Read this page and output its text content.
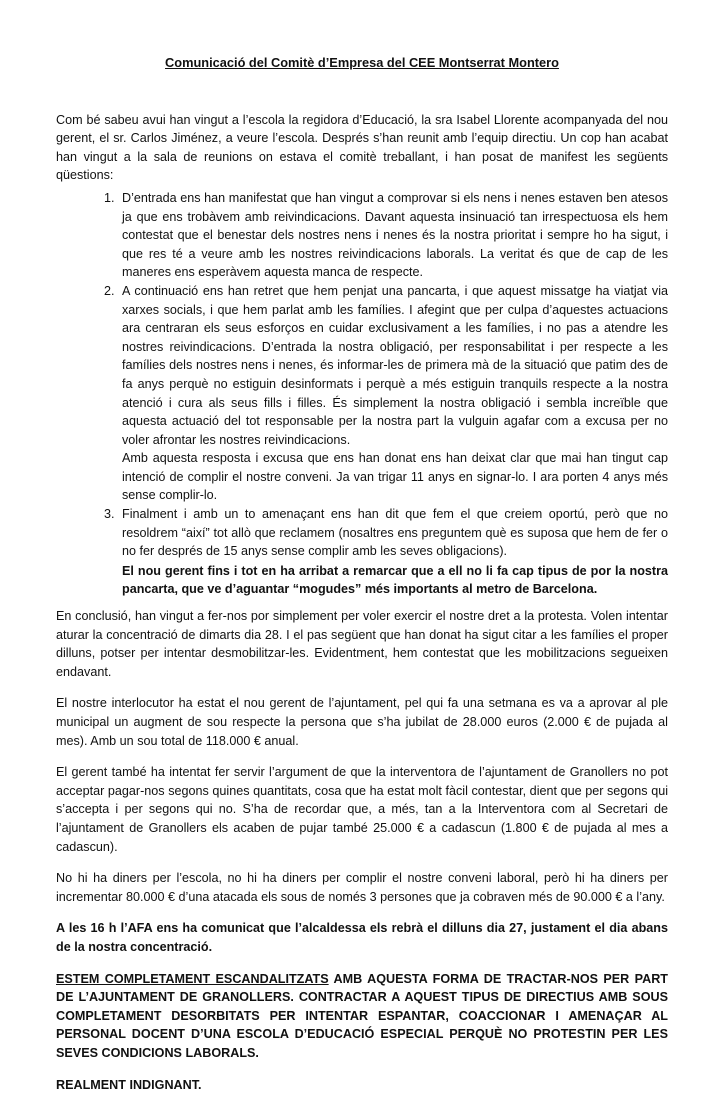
Comunicació del Comitè d’Empresa del CEE Montserrat Montero

Com bé sabeu avui han vingut a l’escola la regidora d’Educació, la sra Isabel Llorente acompanyada del nou gerent, el sr. Carlos Jiménez, a veure l’escola. Després s’han reunit amb l’equip directiu. Un cop han acabat han vingut a la sala de reunions on estava el comitè treballant, i han posat de manifest les següents qüestions:

1. D’entrada ens han manifestat que han vingut a comprovar si els nens i nenes estaven ben atesos ja que ens trobàvem amb reivindicacions. Davant aquesta insinuació tan irrespectuosa els hem contestat que el benestar dels nostres nens i nenes és la nostra prioritat i sempre ho ha sigut, i que res té a veure amb les nostres reivindicacions laborals. La veritat és que de cap de les maneres ens esperàvem aquesta manca de respecte.
2. A continuació ens han retret que hem penjat una pancarta, i que aquest missatge ha viatjat via xarxes socials, i que hem parlat amb les famílies. I afegint que per culpa d’aquestes actuacions ara centraran els seus esforços en cuidar exclusivament a les famílies, i no pas a atendre les nostres reivindicacions. D’entrada la nostra obligació, per responsabilitat i per respecte a les famílies dels nostres nens i nenes, és informar-les de primera mà de la situació que patim des de fa anys perquè no estiguin desinformats i perquè a més estiguin tranquils respecte a la nostra atenció i cura als seus fills i filles. És simplement la nostra obligació i sembla increïble que aquesta actuació del tot responsable per la nostra part la vulguin agafar com a excusa per no voler afrontar les nostres reivindicacions.
Amb aquesta resposta i excusa que ens han donat ens han deixat clar que mai han tingut cap intenció de complir el nostre conveni. Ja van trigar 11 anys en signar-lo. I ara porten 4 anys més sense complir-lo.
3. Finalment i amb un to amenaçant ens han dit que fem el que creiem oportú, però que no resoldrem “així” tot allò que reclamem (nosaltres ens preguntem què es suposa que hem de fer o no fer després de 15 anys sense complir amb les seves obligacions).
El nou gerent fins i tot en ha arribat a remarcar que a ell no li fa cap tipus de por la nostra pancarta, que ve d’aguantar “mogudes” més importants al metro de Barcelona.

En conclusió, han vingut a fer-nos por simplement per voler exercir el nostre dret a la protesta. Volen intentar aturar la concentració de dimarts dia 28. I el pas següent que han donat ha sigut citar a les famílies el proper dilluns, potser per intentar desmobilitzar-les. Evidentment, hem contestat que les mobilitzacions segueixen endavant.

El nostre interlocutor ha estat el nou gerent de l’ajuntament, pel qui fa una setmana es va a aprovar al ple municipal un augment de sou respecte la persona que s’ha jubilat de 28.000 euros (2.000 € de pujada al mes). Amb un sou total de 118.000 € anual.

El gerent també ha intentat fer servir l’argument de que la interventora de l’ajuntament de Granollers no pot acceptar pagar-nos segons quines quantitats, cosa que ha estat molt fàcil contestar, dient que per segons qui s’accepta i per segons qui no. S’ha de recordar que, a més, tan a la Interventora com al Secretari de l’ajuntament de Granollers els acaben de pujar també 25.000 € a cadascun (1.800 € de pujada al mes a cadascun).

No hi ha diners per l’escola, no hi ha diners per complir el nostre conveni laboral, però hi ha diners per incrementar 80.000 € d’una atacada els sous de només 3 persones que ja cobraven més de 90.000 € a l’any.

A les 16 h l’AFA ens ha comunicat que l’alcaldessa els rebrà el dilluns dia 27, justament el dia abans de la nostra concentració.

ESTEM COMPLETAMENT ESCANDALITZATS AMB AQUESTA FORMA DE TRACTAR-NOS PER PART DE L’AJUNTAMENT DE GRANOLLERS. CONTRACTAR A AQUEST TIPUS DE DIRECTIUS AMB SOUS COMPLETAMENT DESORBITATS PER INTENTAR ESPANTAR, COACCIONAR I AMENAÇAR AL PERSONAL DOCENT D’UNA ESCOLA D’EDUCACIÓ ESPECIAL PERQUÈ NO PROTESTIN PER LES SEVES CONDICIONS LABORALS.

REALMENT INDIGNANT.
